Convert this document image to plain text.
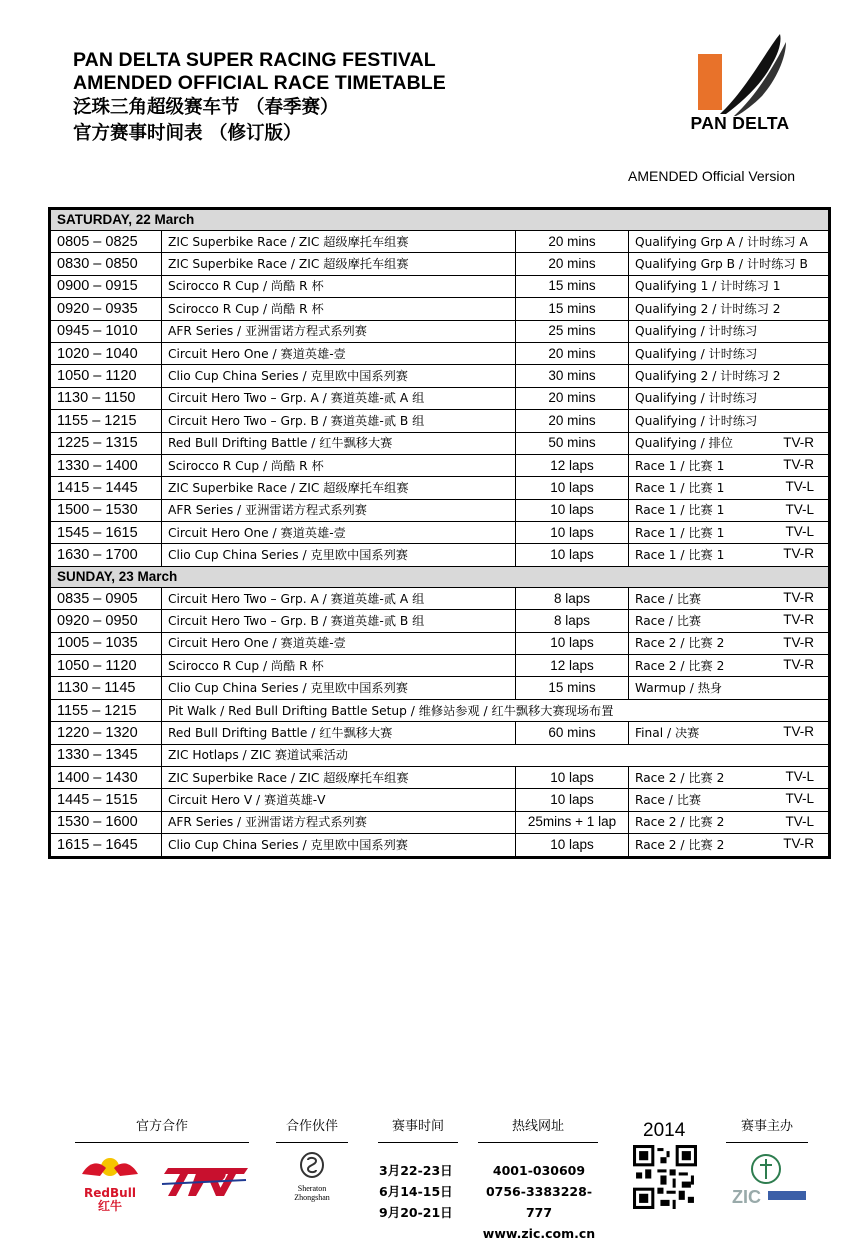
PAN DELTA SUPER RACING FESTIVAL
AMENDED OFFICIAL RACE TIMETABLE
泛珠三角超级赛车节 （春季赛）
官方赛事时间表 （修订版）	PAN DELTA
AMENDED Official Version
SATURDAY, 22 March			
0805 – 0825	ZIC Superbike Race / ZIC 超级摩托车组赛	20 mins	Qualifying Grp A / 计时练习 A
0830 – 0850	ZIC Superbike Race / ZIC 超级摩托车组赛	20 mins	Qualifying Grp B / 计时练习 B
0900 – 0915	Scirocco R Cup / 尚酷 R 杯	15 mins	Qualifying 1 / 计时练习 1
0920 – 0935	Scirocco R Cup / 尚酷 R 杯	15 mins	Qualifying 2 / 计时练习 2
0945 – 1010	AFR Series / 亚洲雷诺方程式系列赛	25 mins	Qualifying / 计时练习
1020 – 1040	Circuit Hero One / 赛道英雄-壹	20 mins	Qualifying / 计时练习
1050 – 1120	Clio Cup China Series / 克里欧中国系列赛	30 mins	Qualifying 2 / 计时练习 2
1130 – 1150	Circuit Hero Two – Grp. A / 赛道英雄-贰 A 组	20 mins	Qualifying / 计时练习
1155 – 1215	Circuit Hero Two – Grp. B / 赛道英雄-贰 B 组	20 mins	Qualifying / 计时练习
1225 – 1315	Red Bull Drifting Battle / 红牛飘移大赛	50 mins	Qualifying / 排位 TV-R

1330 – 1400	Scirocco R Cup / 尚酷 R 杯	12 laps	Race 1 / 比赛 1 TV-R

1415 – 1445	ZIC Superbike Race / ZIC 超级摩托车组赛	10 laps	Race 1 / 比赛 1 TV-L

1500 – 1530	AFR Series / 亚洲雷诺方程式系列赛	10 laps	Race 1 / 比赛 1 TV-L

1545 – 1615	Circuit Hero One / 赛道英雄-壹	10 laps	Race 1 / 比赛 1 TV-L

1630 – 1700	Clio Cup China Series / 克里欧中国系列赛	10 laps	Race 1 / 比赛 1 TV-R

SUNDAY, 23 March			
0835 – 0905	Circuit Hero Two – Grp. A / 赛道英雄-贰 A 组	8 laps	Race / 比赛 TV-R

0920 – 0950	Circuit Hero Two – Grp. B / 赛道英雄-贰 B 组	8 laps	Race / 比赛 TV-R

1005 – 1035	Circuit Hero One / 赛道英雄-壹	10 laps	Race 2 / 比赛 2 TV-R

1050 – 1120	Scirocco R Cup / 尚酷 R 杯	12 laps	Race 2 / 比赛 2 TV-R

1130 – 1145	Clio Cup China Series / 克里欧中国系列赛	15 mins	Warmup / 热身
1155 – 1215	Pit Walk / Red Bull Drifting Battle Setup / 维修站参观 / 红牛飘移大赛现场布置		
1220 – 1320	Red Bull Drifting Battle / 红牛飘移大赛	60 mins	Final / 决赛 TV-R

1330 – 1345	ZIC Hotlaps / ZIC 赛道试乘活动		
1400 – 1430	ZIC Superbike Race / ZIC 超级摩托车组赛	10 laps	Race 2 / 比赛 2 TV-L

1445 – 1515	Circuit Hero V / 赛道英雄-V	10 laps	Race / 比赛 TV-L

1530 – 1600	AFR Series / 亚洲雷诺方程式系列赛	25mins + 1 lap	Race 2 / 比赛 2 TV-L

1615 – 1645	Clio Cup China Series / 克里欧中国系列赛	10 laps	Race 2 / 比赛 2 TV-R
官方合作	合作伙伴	赛事时间	热线网址	2014	赛事主办
RedBull 红牛
Sheraton Zhongshan
3月22-23日
6月14-15日
9月20-21日
4001-030609
0756-3383228-777
www.zic.com.cn
ZIC
